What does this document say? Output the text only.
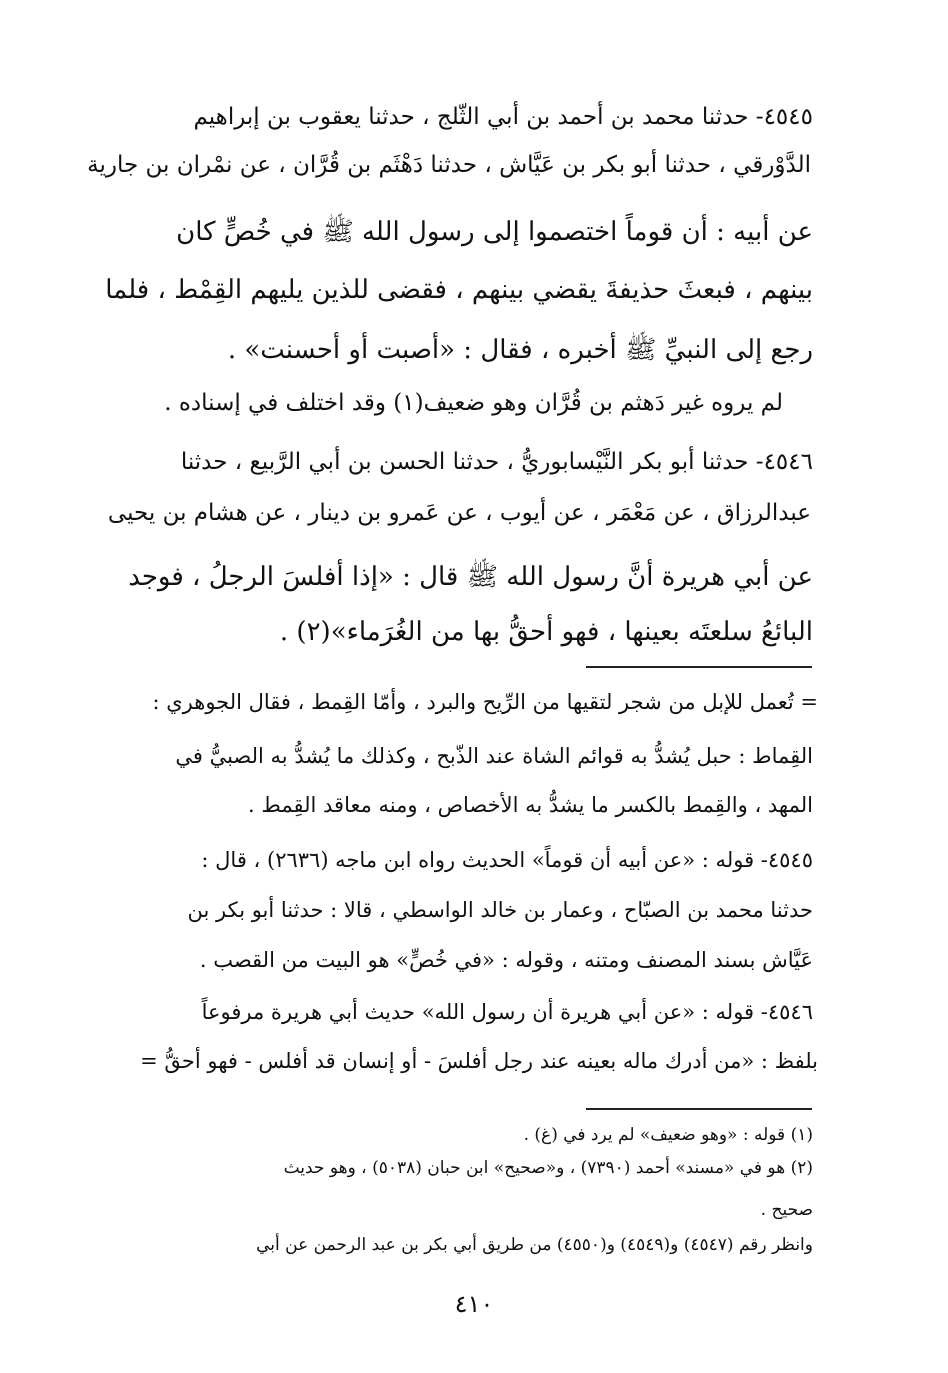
٤٥٤٥- حدثنا محمد بن أحمد بن أبي الثّلج ، حدثنا يعقوب بن إبراهيم
الدَّوْرقي ، حدثنا أبو بكر بن عَيَّاش ، حدثنا دَهْثَم بن قُرَّان ، عن نمْران بن جارية
عن أبيه : أن قوماً اختصموا إلى رسول الله ﷺ في خُصٍّ كان
بينهم ، فبعثَ حذيفةَ يقضي بينهم ، فقضى للذين يليهم القِمْط ، فلما
رجع إلى النبيِّ ﷺ أخبره ، فقال : «أصبت أو أحسنت» .
لم يروه غير دَهثم بن قُرَّان وهو ضعيف(١) وقد اختلف في إسناده .
٤٥٤٦- حدثنا أبو بكر النَّيْسابوريُّ ، حدثنا الحسن بن أبي الرَّبيع ، حدثنا
عبدالرزاق ، عن مَعْمَر ، عن أيوب ، عن عَمرو بن دينار ، عن هشام بن يحيى
عن أبي هريرة أنَّ رسول الله ﷺ قال : «إذا أفلسَ الرجلُ ، فوجد
البائعُ سلعتَه بعينها ، فهو أحقُّ بها من الغُرَماء»(٢) .
= تُعمل للإبل من شجر لتقيها من الرِّيح والبرد ، وأمّا القِمط ، فقال الجوهري :
القِماط : حبل يُشدُّ به قوائم الشاة عند الذّبح ، وكذلك ما يُشدُّ به الصبيُّ في
المهد ، والقِمط بالكسر ما يشدُّ به الأخصاص ، ومنه معاقد القِمط .
٤٥٤٥- قوله : «عن أبيه أن قوماً» الحديث رواه ابن ماجه (٢٦٣٦) ، قال :
حدثنا محمد بن الصبّاح ، وعمار بن خالد الواسطي ، قالا : حدثنا أبو بكر بن
عَيَّاش بسند المصنف ومتنه ، وقوله : «في خُصٍّ» هو البيت من القصب .
٤٥٤٦- قوله : «عن أبي هريرة أن رسول الله» حديث أبي هريرة مرفوعاً
بلفظ : «من أدرك ماله بعينه عند رجل أفلسَ - أو إنسان قد أفلس - فهو أحقُّ =
(١) قوله : «وهو ضعيف» لم يرد في (غ) .
(٢) هو في «مسند» أحمد (٧٣٩٠) ، و«صحيح» ابن حبان (٥٠٣٨) ، وهو حديث
صحيح .
وانظر رقم (٤٥٤٧) و(٤٥٤٩) و(٤٥٥٠) من طريق أبي بكر بن عبد الرحمن عن أبي
٤١٠
